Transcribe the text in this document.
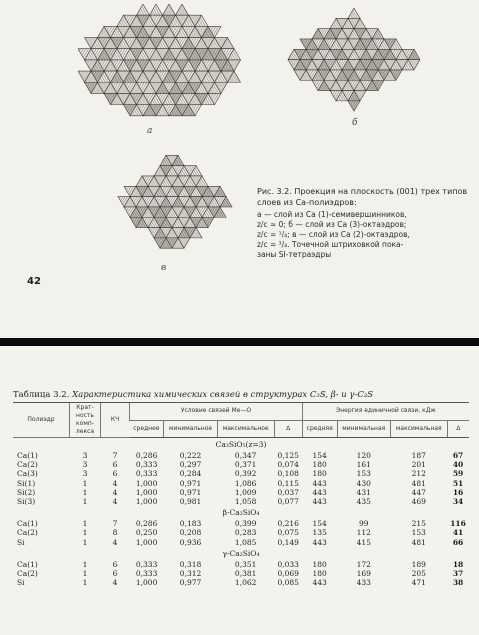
а
б
в
Рис. 3.2. Проекция на плоскость (001) трех типов слоев из Са-полиэдров:
а — слой из Са (1)-семивершинников,
z/c ≈ 0; б — слой из Са (3)-октаэдров;
z/c = ¹/₄; в — слой из Са (2)-октаэдров,
z/c = ³/₄. Точечной штриховкой пока-
заны SI-тетраэдры
42
Таблица 3.2. Характеристика химических связей в структурах C₃S, β- и γ-C₂S
Полиэдр	Кратность комплекса	КЧ	Условие связей Ме—О				Энергия единичной связи, кДж			
			среднее	минимальное	максимальное	Δ	средняя	минимальная	максимальная	Δ
Ca₃SiO₅(z=3)										
Ca(1)	3	7	0,286	0,222	0,347	0,125	154	120	187	67
Ca(2)	3	6	0,333	0,297	0,371	0,074	180	161	201	40
Ca(3)	3	6	0,333	0,284	0,392	0,108	180	153	212	59
Si(1)	1	4	1,000	0,971	1,086	0,115	443	430	481	51
Si(2)	1	4	1,000	0,971	1,009	0,037	443	431	447	16
Si(3)	1	4	1,000	0,981	1,058	0,077	443	435	469	34
β-Ca₂SiO₄										
Ca(1)	1	7	0,286	0,183	0,399	0,216	154	99	215	116
Ca(2)	1	8	0,250	0,208	0,283	0,075	135	112	153	41
Si	1	4	1,000	0,936	1,085	0,149	443	415	481	66
γ-Ca₂SiO₄										
Ca(1)	1	6	0,333	0,318	0,351	0,033	180	172	189	18
Ca(2)	1	6	0,333	0,312	0,381	0,069	180	169	205	37
Si	1	4	1,000	0,977	1,062	0,085	443	433	471	38
